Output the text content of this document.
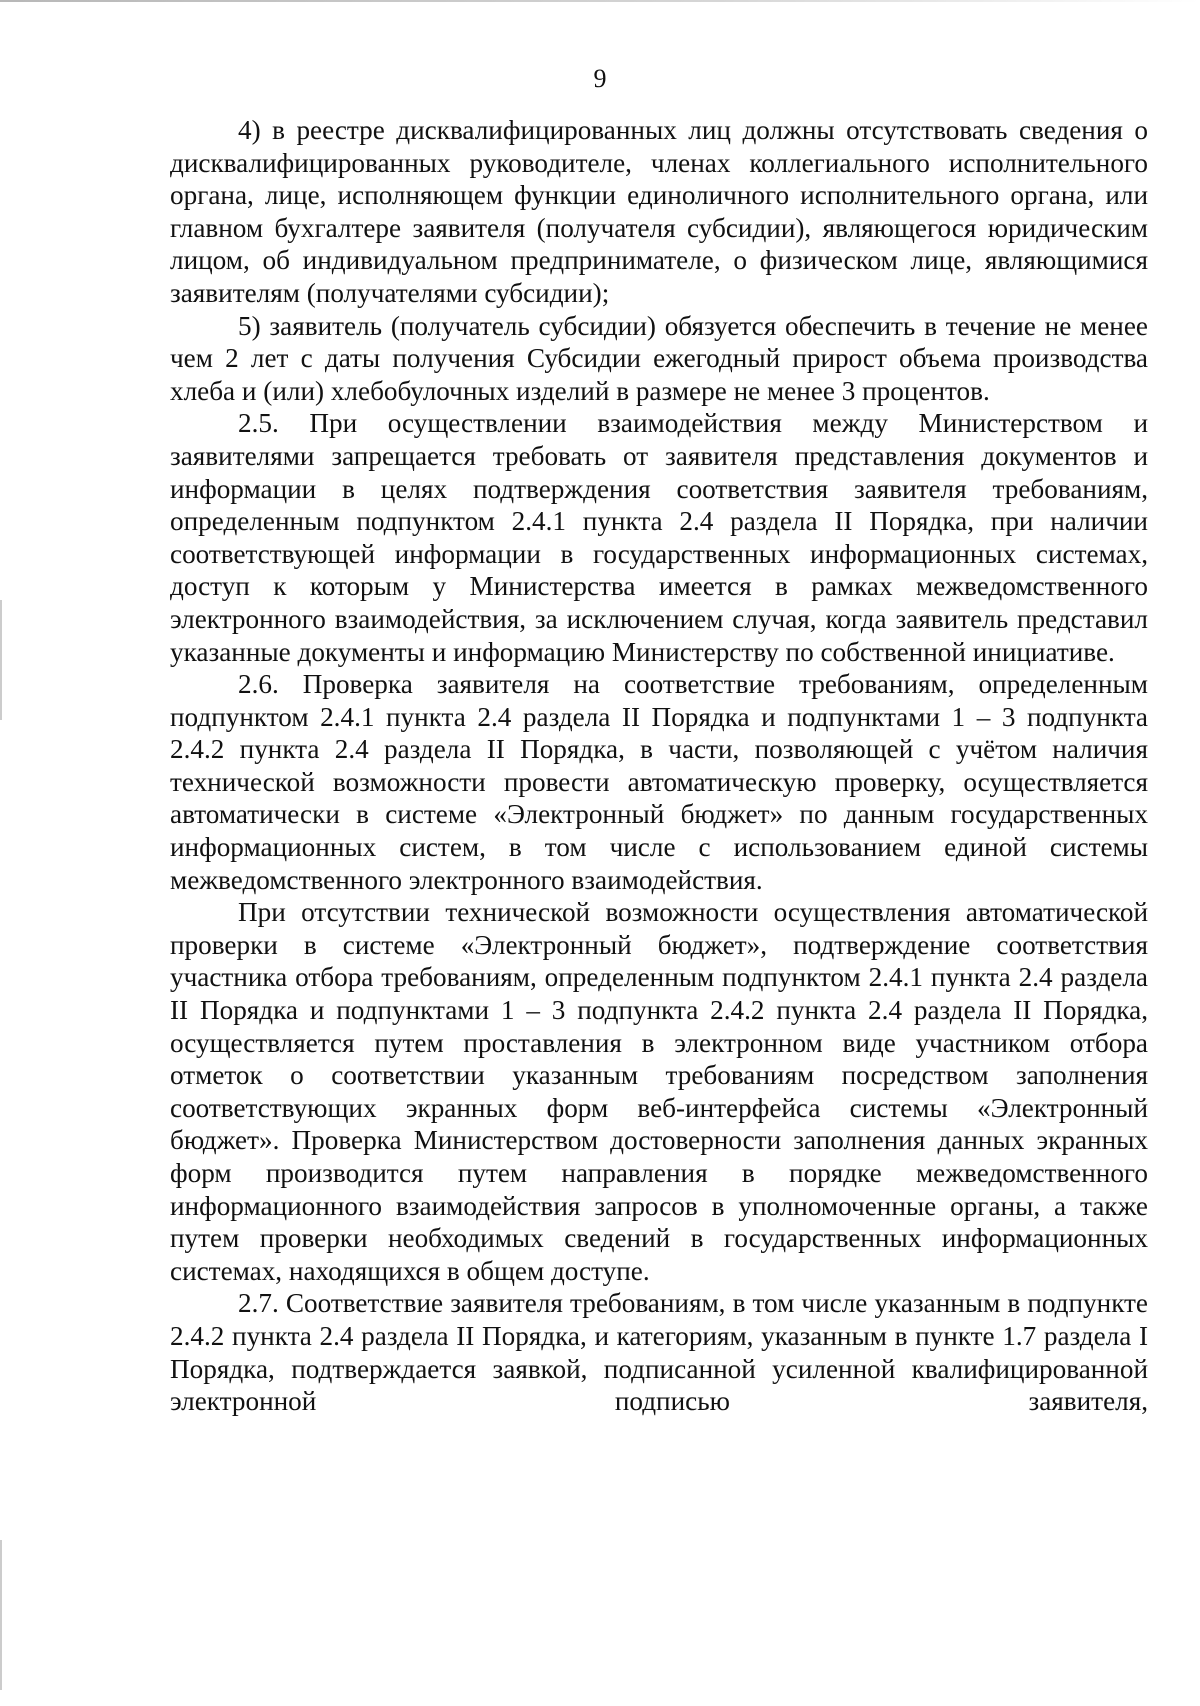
9

4) в реестре дисквалифицированных лиц должны отсутствовать сведения о дисквалифицированных руководителе, членах коллегиального исполнительного органа, лице, исполняющем функции единоличного исполнительного органа, или главном бухгалтере заявителя (получателя субсидии), являющегося юридическим лицом, об индивидуальном предпринимателе, о физическом лице, являющимися заявителям (получателями субсидии);

5) заявитель (получатель субсидии) обязуется обеспечить в течение не менее чем 2 лет с даты получения Субсидии ежегодный прирост объема производства хлеба и (или) хлебобулочных изделий в размере не менее 3 процентов.

2.5. При осуществлении взаимодействия между Министерством и заявителями запрещается требовать от заявителя представления документов и информации в целях подтверждения соответствия заявителя требованиям, определенным подпунктом 2.4.1 пункта 2.4 раздела II Порядка, при наличии соответствующей информации в государственных информационных системах, доступ к которым у Министерства имеется в рамках межведомственного электронного взаимодействия, за исключением случая, когда заявитель представил указанные документы и информацию Министерству по собственной инициативе.

2.6. Проверка заявителя на соответствие требованиям, определенным подпунктом 2.4.1 пункта 2.4 раздела II Порядка и подпунктами 1 – 3 подпункта 2.4.2 пункта 2.4 раздела II Порядка, в части, позволяющей с учётом наличия технической возможности провести автоматическую проверку, осуществляется автоматически в системе «Электронный бюджет» по данным государственных информационных систем, в том числе с использованием единой системы межведомственного электронного взаимодействия.

При отсутствии технической возможности осуществления автоматической проверки в системе «Электронный бюджет», подтверждение соответствия участника отбора требованиям, определенным подпунктом 2.4.1 пункта 2.4 раздела II Порядка и подпунктами 1 – 3 подпункта 2.4.2 пункта 2.4 раздела II Порядка, осуществляется путем проставления в электронном виде участником отбора отметок о соответствии указанным требованиям посредством заполнения соответствующих экранных форм веб-интерфейса системы «Электронный бюджет». Проверка Министерством достоверности заполнения данных экранных форм производится путем направления в порядке межведомственного информационного взаимодействия запросов в уполномоченные органы, а также путем проверки необходимых сведений в государственных информационных системах, находящихся в общем доступе.

2.7. Соответствие заявителя требованиям, в том числе указанным в подпункте 2.4.2 пункта 2.4 раздела II Порядка, и категориям, указанным в пункте 1.7 раздела I Порядка, подтверждается заявкой, подписанной усиленной квалифицированной электронной подписью заявителя,
